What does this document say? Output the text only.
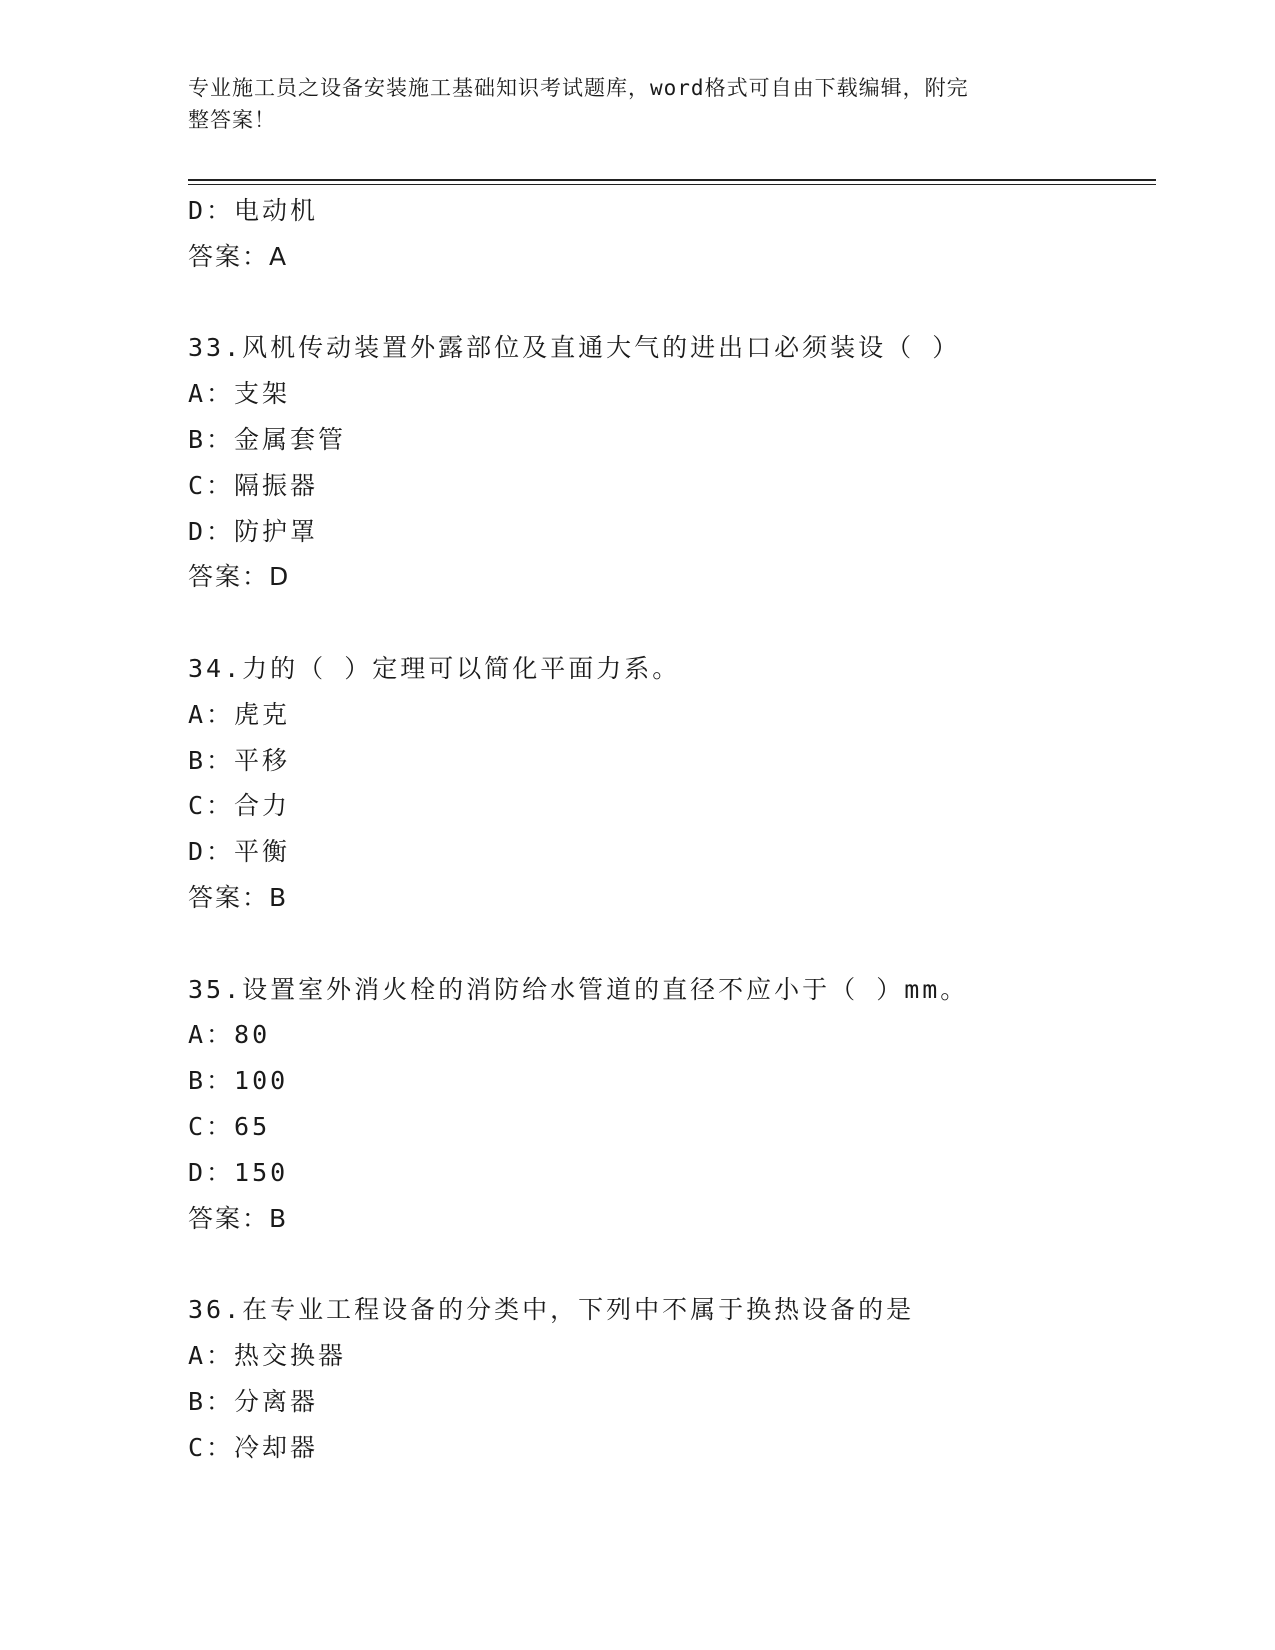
专业施工员之设备安装施工基础知识考试题库，word格式可自由下载编辑，附完
整答案！
D：电动机
答案：A
33.风机传动装置外露部位及直通大气的进出口必须装设（ ）
A：支架
B：金属套管
C：隔振器
D：防护罩
答案：D
34.力的（ ）定理可以简化平面力系。
A：虎克
B：平移
C：合力
D：平衡
答案：B
35.设置室外消火栓的消防给水管道的直径不应小于（ ）mm。
A：80
B：100
C：65
D：150
答案：B
36.在专业工程设备的分类中，下列中不属于换热设备的是
A：热交换器
B：分离器
C：冷却器
